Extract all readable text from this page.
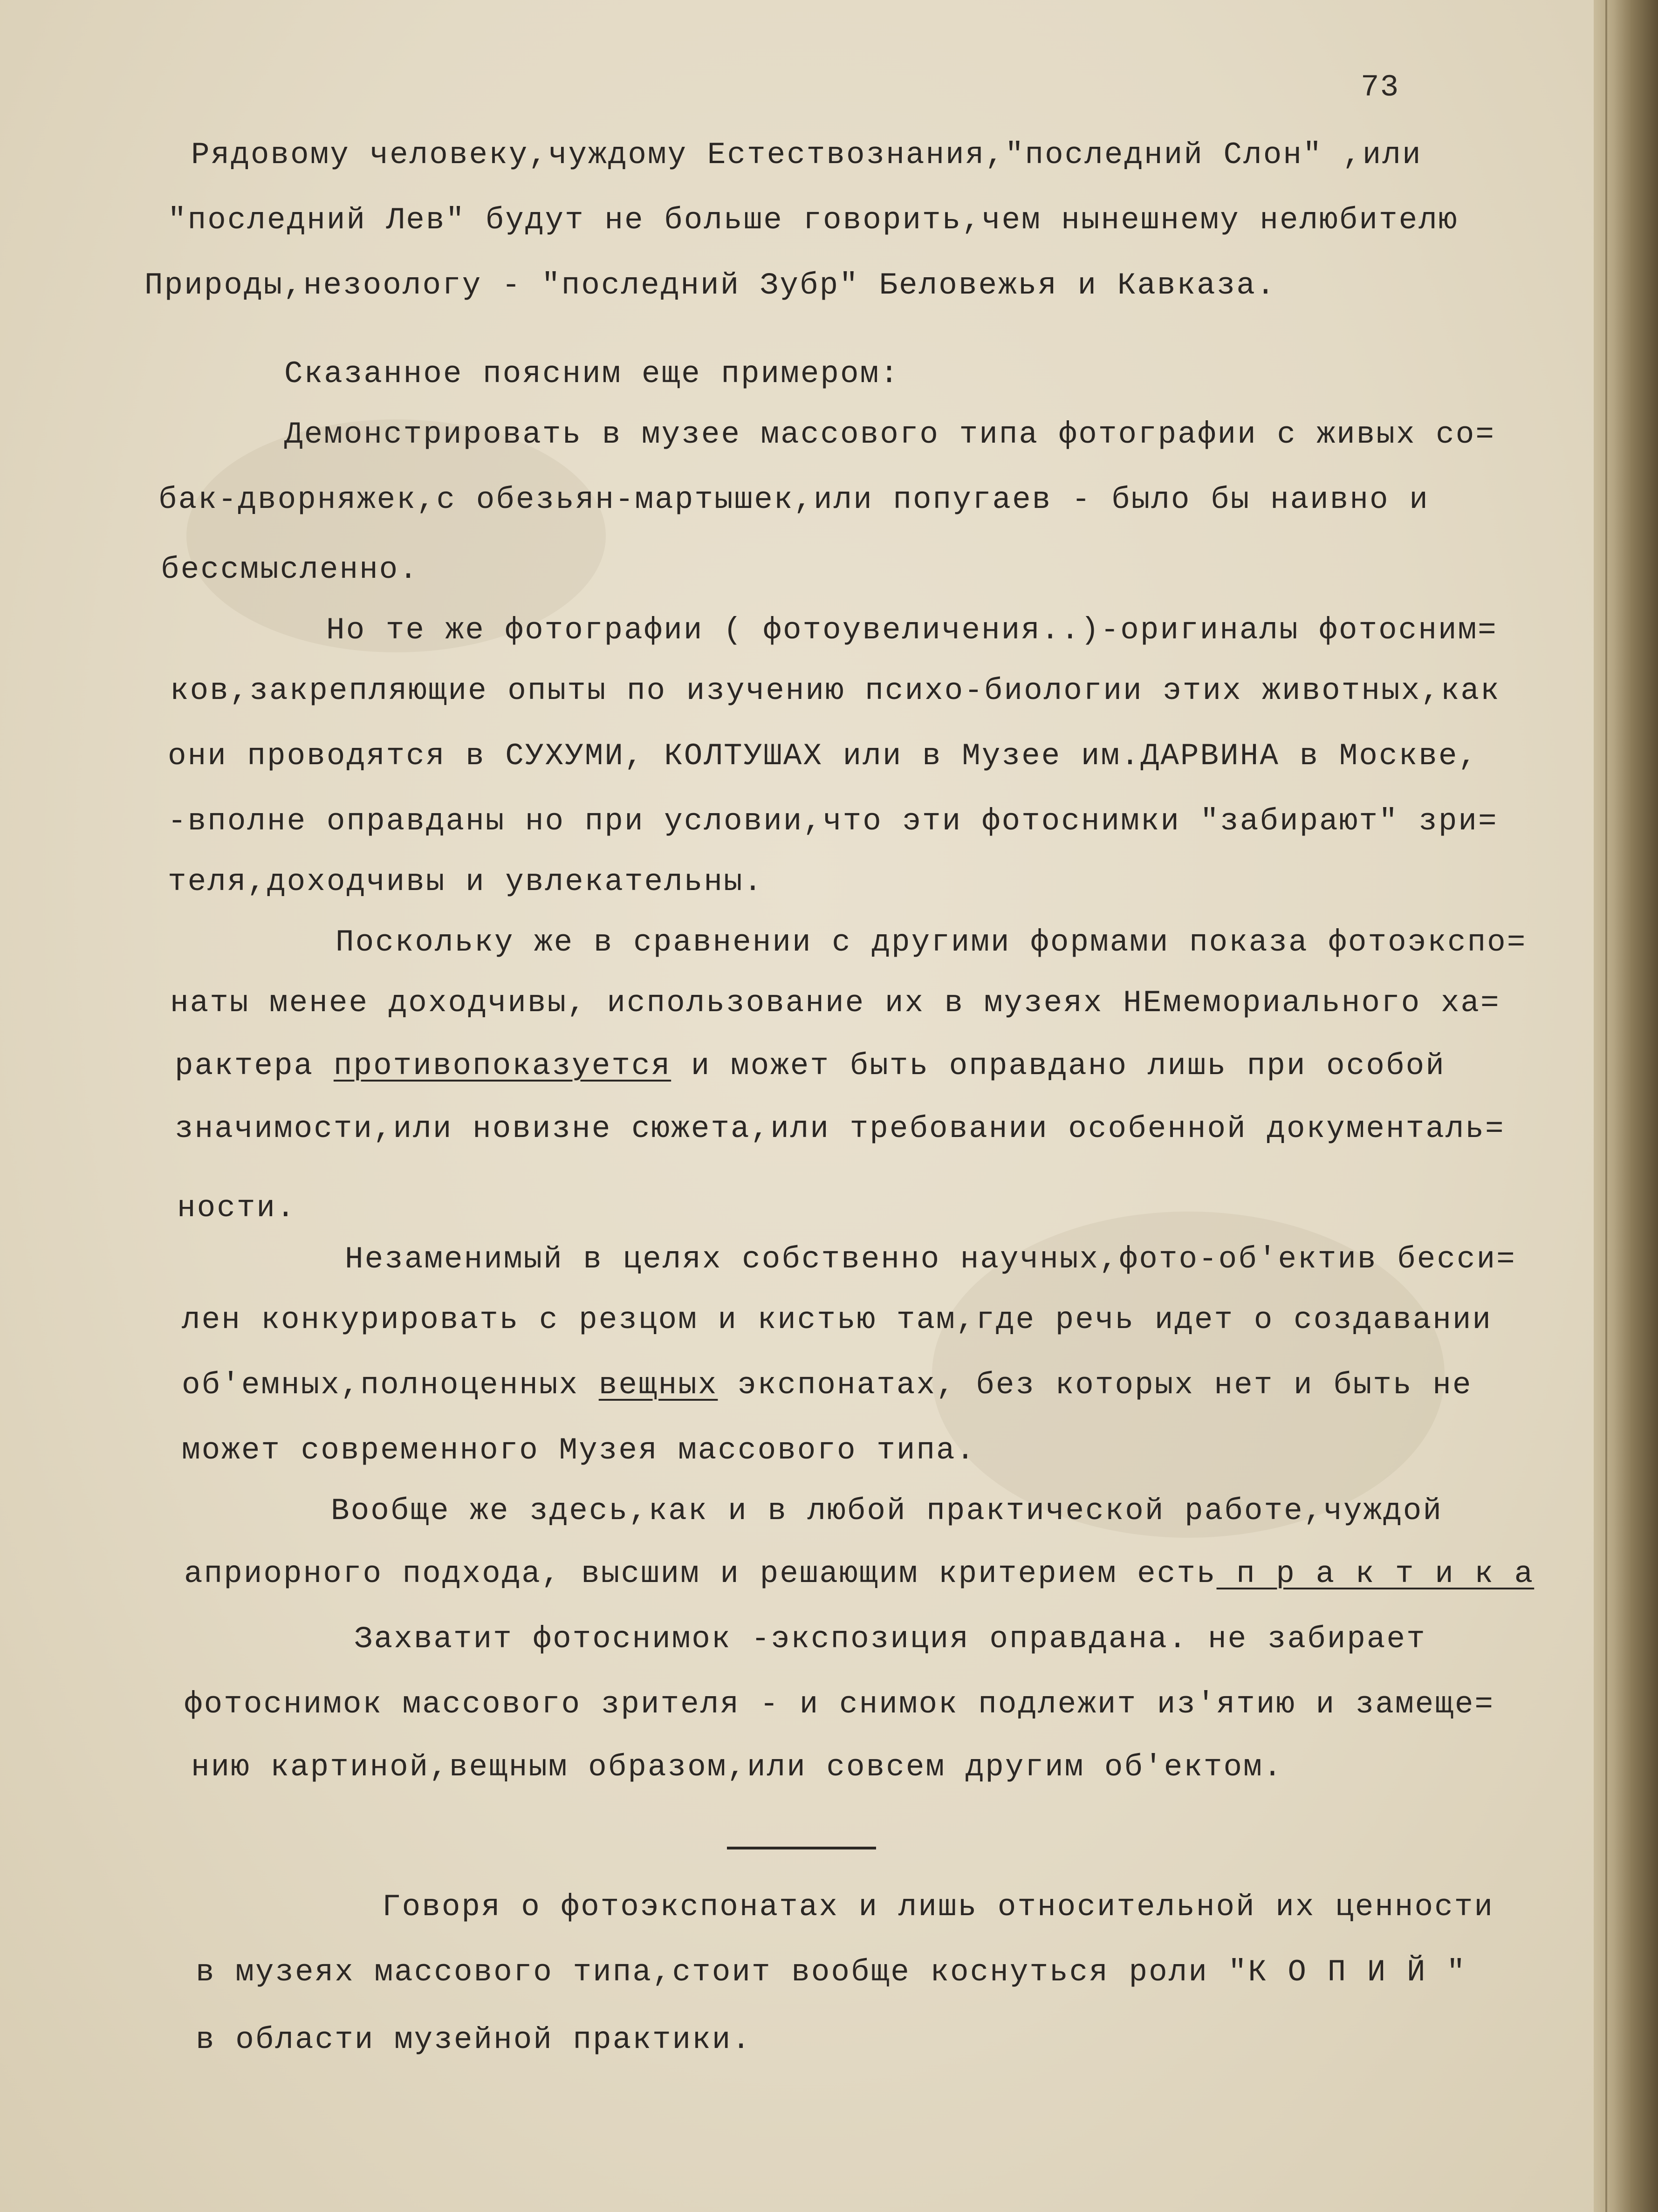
73
Рядовому человеку,чуждому Естествознания,"последний Слон" ,или
"последний Лев" будут не больше говорить,чем нынешнему нелюбителю
Природы,незоологу - "последний Зубр" Беловежья и Кавказа.
Сказанное поясним еще примером:
Демонстрировать в музее массового типа фотографии с живых со=
бак-дворняжек,с обезьян-мартышек,или попугаев - было бы наивно и
бессмысленно.
Но те же фотографии ( фотоувеличения..)-оригиналы фотосним=
ков,закрепляющие опыты по изучению психо-биологии этих животных,как
они проводятся в СУХУМИ, КОЛТУШАХ или в Музее им.ДАРВИНА в Москве,
-вполне оправданы но при условии,что эти фотоснимки "забирают" зри=
теля,доходчивы и увлекательны.
Поскольку же в сравнении с другими формами показа фотоэкспо=
наты менее доходчивы, использование их в музеях НЕмемориального ха=
рактера противопоказуется и может быть оправдано лишь при особой
значимости,или новизне сюжета,или требовании особенной документаль=
ности.
Незаменимый в целях собственно научных,фото-об'ектив бесси=
лен конкурировать с резцом и кистью там,где речь идет о создавании
об'емных,полноценных вещных экспонатах, без которых нет и быть не
может современного Музея массового типа.
Вообще же здесь,как и в любой практической работе,чуждой
априорного подхода, высшим и решающим критерием есть п р а к т и к а
Захватит фотоснимок -экспозиция оправдана. не забирает
фотоснимок массового зрителя - и снимок подлежит из'ятию и замеще=
нию картиной,вещным образом,или совсем другим об'ектом.
Говоря о фотоэкспонатах и лишь относительной их ценности
в музеях массового типа,стоит вообще коснуться роли "К О П И Й "
в области музейной практики.
